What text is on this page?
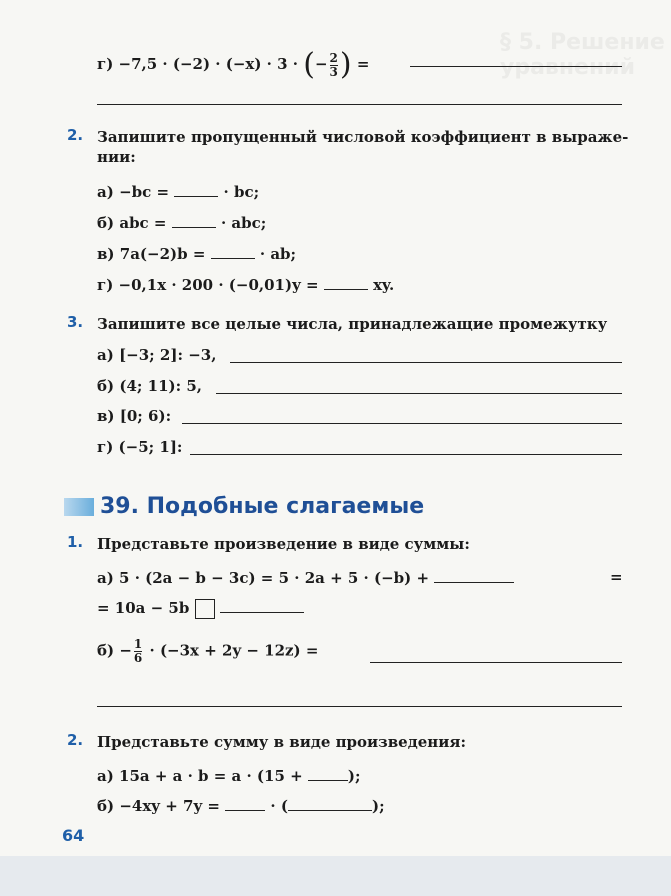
§ 5. Решение уравнений
г) −7,5 · (−2) · (−x) · 3 · (− $\frac{2}{3}$ ) =
2. Запишите пропущенный числовой коэффициент в выраже-
нии:
а) −bc =	· bc;
б) abc =	· abc;
в) 7a(−2)b =	· ab;
г) −0,1x · 200 · (−0,01)y =	xy.
3. Запишите все целые числа, принадлежащие промежутку
а) [−3; 2]: −3,
б) (4; 11): 5,
в) [0; 6):
г) (−5; 1]:
39. Подобные слагаемые
1. Представьте произведение в виде суммы:
а) 5 · (2a − b − 3c) = 5 · 2a + 5 · (−b) +	=
= 10a − 5b
$б) - \frac{1}{6} \cdot (-3x + 2y - 12z)$ =
2. Представьте сумму в виде произведения:
а) 15a + a · b = a · (15 +	);
б) −4xy + 7y =	· (	);
64
